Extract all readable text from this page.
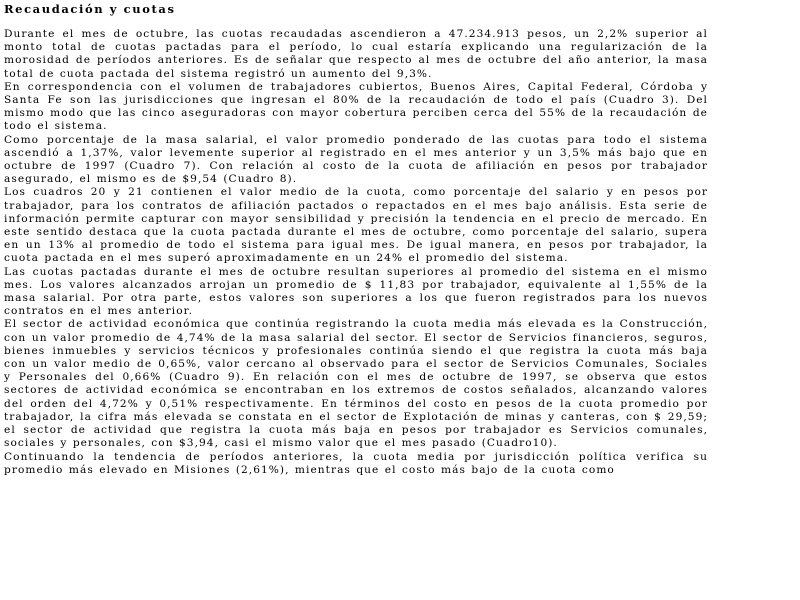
Recaudación y cuotas

Durante el mes de octubre, las cuotas recaudadas ascendieron a 47.234.913 pesos, un 2,2% superior al monto total de cuotas pactadas para el período, lo cual estaría explicando una regularización de la morosidad de períodos anteriores. Es de señalar que respecto al mes de octubre del año anterior, la masa total de cuota pactada del sistema registró un aumento del 9,3%.

En correspondencia con el volumen de trabajadores cubiertos, Buenos Aires, Capital Federal, Córdoba y Santa Fe son las jurisdicciones que ingresan el 80% de la recaudación de todo el país (Cuadro 3). Del mismo modo que las cinco aseguradoras con mayor cobertura perciben cerca del 55% de la recaudación de todo el sistema.

Como porcentaje de la masa salarial, el valor promedio ponderado de las cuotas para todo el sistema ascendió a 1,37%, valor levemente superior al registrado en el mes anterior y un 3,5% más bajo que en octubre de 1997 (Cuadro 7). Con relación al costo de la cuota de afiliación en pesos por trabajador asegurado, el mismo es de $9,54 (Cuadro 8).

Los cuadros 20 y 21 contienen el valor medio de la cuota, como porcentaje del salario y en pesos por trabajador, para los contratos de afiliación pactados o repactados en el mes bajo análisis. Esta serie de información permite capturar con mayor sensibilidad y precisión la tendencia en el precio de mercado. En este sentido destaca que la cuota pactada durante el mes de octubre, como porcentaje del salario, supera en un 13% al promedio de todo el sistema para igual mes. De igual manera, en pesos por trabajador, la cuota pactada en el mes superó aproximadamente en un 24% el promedio del sistema.

Las cuotas pactadas durante el mes de octubre resultan superiores al promedio del sistema en el mismo mes. Los valores alcanzados arrojan un promedio de $ 11,83 por trabajador, equivalente al 1,55% de la masa salarial. Por otra parte, estos valores son superiores a los que fueron registrados para los nuevos contratos en el mes anterior.

El sector de actividad económica que continúa registrando la cuota media más elevada es la Construcción, con un valor promedio de 4,74% de la masa salarial del sector. El sector de Servicios financieros, seguros, bienes inmuebles y servicios técnicos y profesionales continúa siendo el que registra la cuota más baja con un valor medio de 0,65%, valor cercano al observado para el sector de Servicios Comunales, Sociales y Personales del 0,66% (Cuadro 9). En relación con el mes de octubre de 1997, se observa que estos sectores de actividad económica se encontraban en los extremos de costos señalados, alcanzando valores del orden del 4,72% y 0,51% respectivamente. En términos del costo en pesos de la cuota promedio por trabajador, la cifra más elevada se constata en el sector de Explotación de minas y canteras, con $ 29,59; el sector de actividad que registra la cuota más baja en pesos por trabajador es Servicios comunales, sociales y personales, con $3,94, casi el mismo valor que el mes pasado (Cuadro10).

Continuando la tendencia de períodos anteriores, la cuota media por jurisdicción política verifica su promedio más elevado en Misiones (2,61%), mientras que el costo más bajo de la cuota como
